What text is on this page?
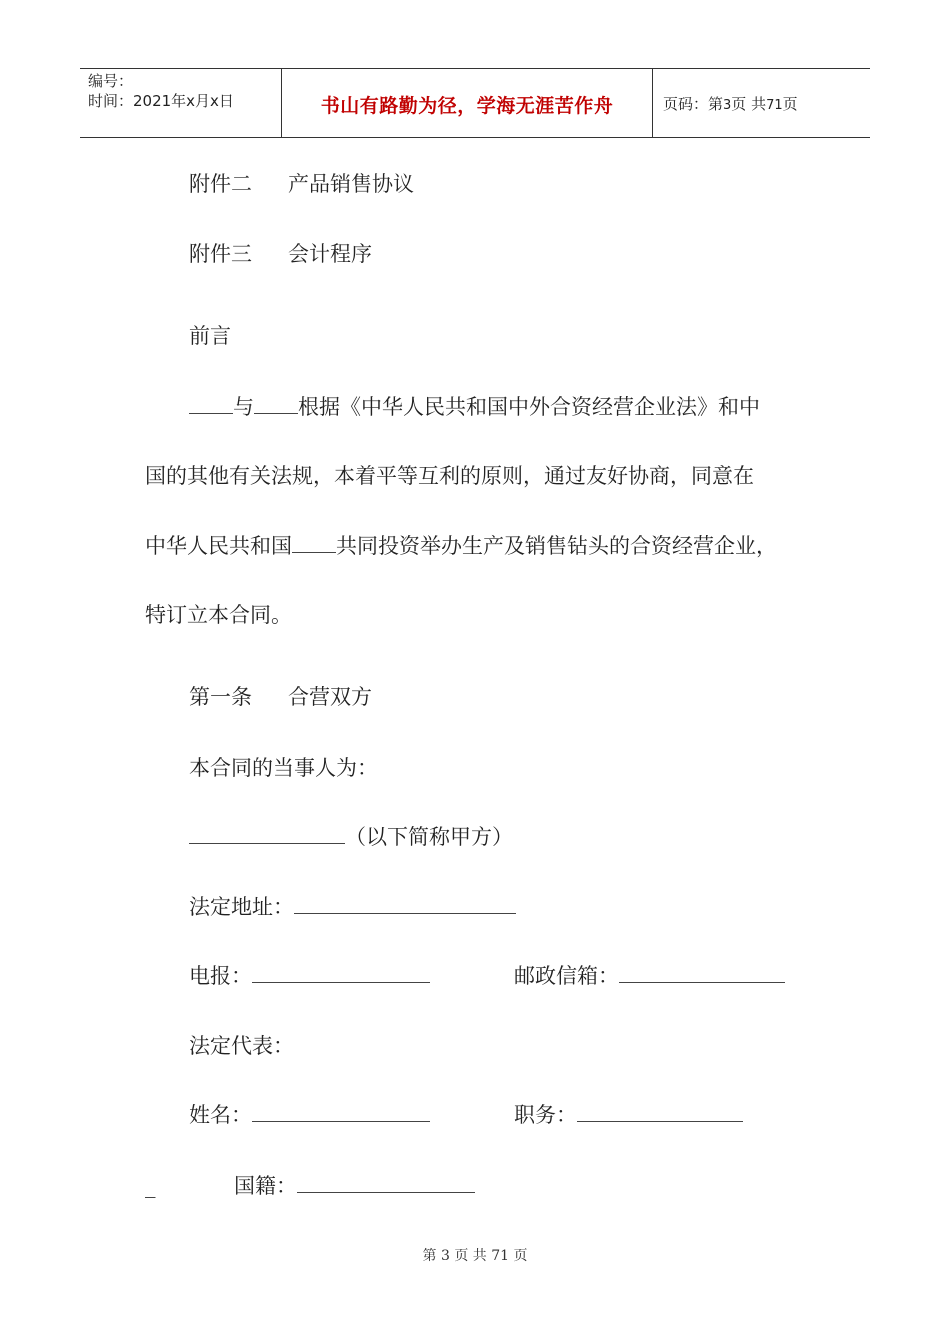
编号：
时间：2021年x月x日	书山有路勤为径，学海无涯苦作舟	页码：第3页 共71页
附件二 产品销售协议
附件三 会计程序
前言
与 根据《中华人民共和国中外合资经营企业法》和中
国的其他有关法规，本着平等互利的原则，通过友好协商，同意在
中华人民共和国 共同投资举办生产及销售钻头的合资经营企业，
特订立本合同。
第一条 合营双方
本合同的当事人为：
（以下简称甲方）
法定地址：
电报：	邮政信箱：
法定代表：
姓名：	职务：
_	国籍：
第 3 页 共 71 页
